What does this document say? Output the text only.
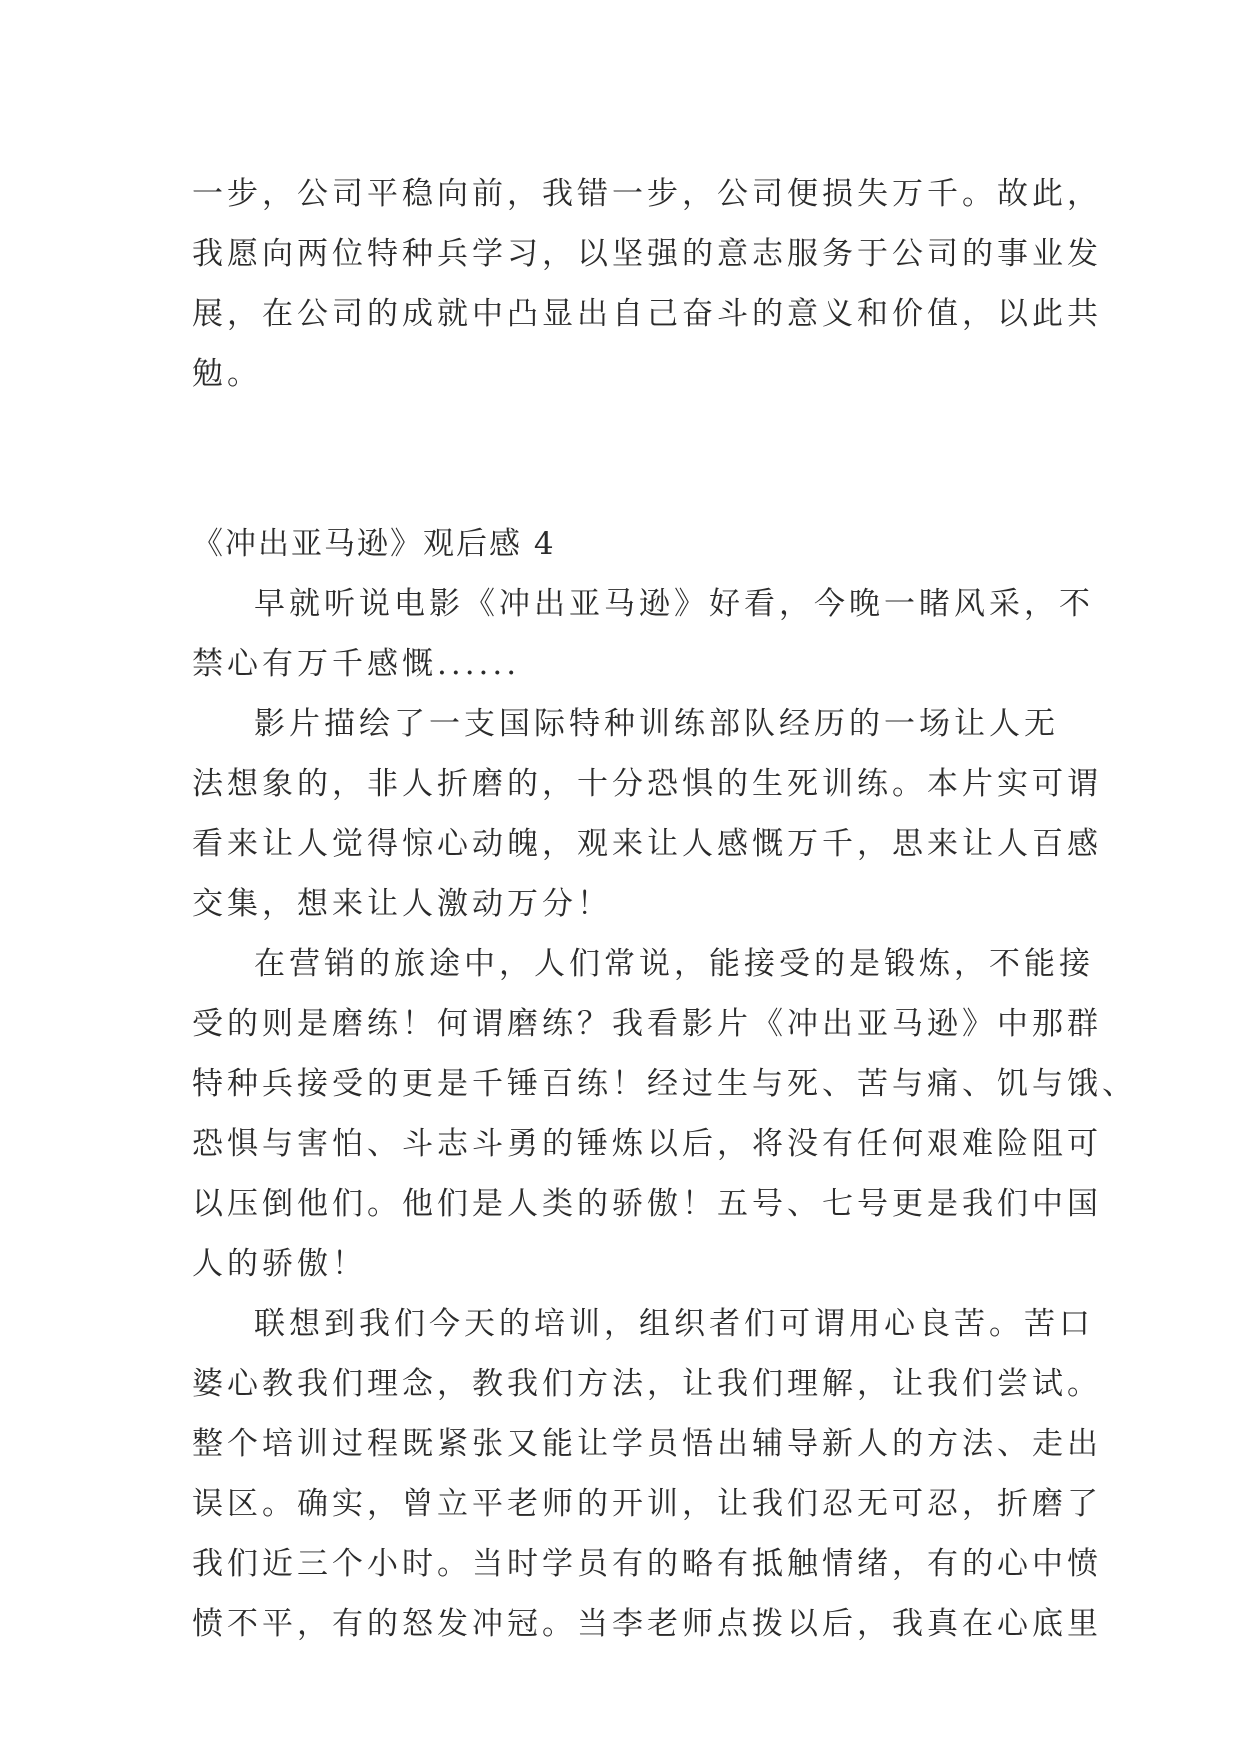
一步，公司平稳向前，我错一步，公司便损失万千。故此，
我愿向两位特种兵学习，以坚强的意志服务于公司的事业发
展，在公司的成就中凸显出自己奋斗的意义和价值，以此共
勉。
《冲出亚马逊》观后感 4
早就听说电影《冲出亚马逊》好看，今晚一睹风采，不
禁心有万千感慨......
影片描绘了一支国际特种训练部队经历的一场让人无
法想象的，非人折磨的，十分恐惧的生死训练。本片实可谓
看来让人觉得惊心动魄，观来让人感慨万千，思来让人百感
交集，想来让人激动万分！
在营销的旅途中，人们常说，能接受的是锻炼，不能接
受的则是磨练！何谓磨练？我看影片《冲出亚马逊》中那群
特种兵接受的更是千锤百练！经过生与死、苦与痛、饥与饿、
恐惧与害怕、斗志斗勇的锤炼以后，将没有任何艰难险阻可
以压倒他们。他们是人类的骄傲！五号、七号更是我们中国
人的骄傲！
联想到我们今天的培训，组织者们可谓用心良苦。苦口
婆心教我们理念，教我们方法，让我们理解，让我们尝试。
整个培训过程既紧张又能让学员悟出辅导新人的方法、走出
误区。确实，曾立平老师的开训，让我们忍无可忍，折磨了
我们近三个小时。当时学员有的略有抵触情绪，有的心中愤
愤不平，有的怒发冲冠。当李老师点拨以后，我真在心底里
